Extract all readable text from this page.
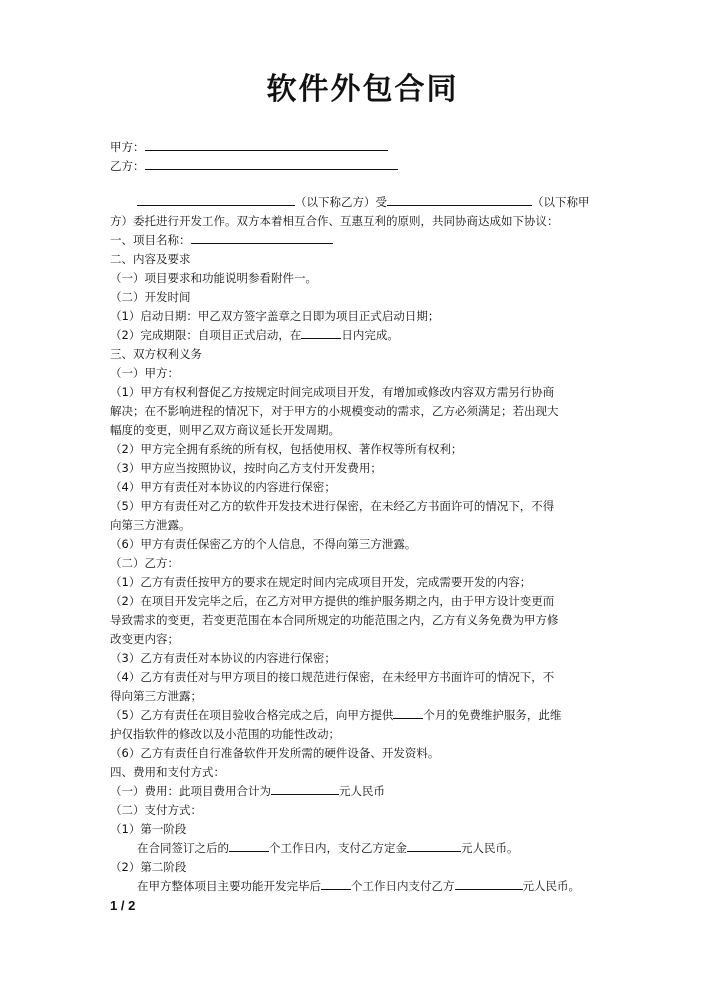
软件外包合同
甲方：
乙方：
（以下称乙方）受	（以下称甲
方）委托进行开发工作。双方本着相互合作、互惠互利的原则，共同协商达成如下协议：
一、项目名称：
二、内容及要求
（一）项目要求和功能说明参看附件一。
（二）开发时间
（1）启动日期：甲乙双方签字盖章之日即为项目正式启动日期；
（2）完成期限：自项目正式启动，在	日内完成。
三、双方权利义务
（一）甲方：
（1）甲方有权利督促乙方按规定时间完成项目开发，有增加或修改内容双方需另行协商
解决；在不影响进程的情况下，对于甲方的小规模变动的需求，乙方必须满足；若出现大
幅度的变更，则甲乙双方商议延长开发周期。
（2）甲方完全拥有系统的所有权，包括使用权、著作权等所有权利；
（3）甲方应当按照协议，按时向乙方支付开发费用；
（4）甲方有责任对本协议的内容进行保密；
（5）甲方有责任对乙方的软件开发技术进行保密，在未经乙方书面许可的情况下，不得
向第三方泄露。
（6）甲方有责任保密乙方的个人信息，不得向第三方泄露。
（二）乙方：
（1）乙方有责任按甲方的要求在规定时间内完成项目开发，完成需要开发的内容；
（2）在项目开发完毕之后，在乙方对甲方提供的维护服务期之内，由于甲方设计变更而
导致需求的变更，若变更范围在本合同所规定的功能范围之内，乙方有义务免费为甲方修
改变更内容；
（3）乙方有责任对本协议的内容进行保密；
（4）乙方有责任对与甲方项目的接口规范进行保密，在未经甲方书面许可的情况下，不
得向第三方泄露；
（5）乙方有责任在项目验收合格完成之后，向甲方提供	个月的免费维护服务，此维
护仅指软件的修改以及小范围的功能性改动；
（6）乙方有责任自行准备软件开发所需的硬件设备、开发资料。
四、费用和支付方式：
（一）费用：此项目费用合计为	元人民币
（二）支付方式：
（1）第一阶段
在合同签订之后的	个工作日内，支付乙方定金	元人民币。
（2）第二阶段
在甲方整体项目主要功能开发完毕后	个工作日内支付乙方	元人民币。
1 / 2
